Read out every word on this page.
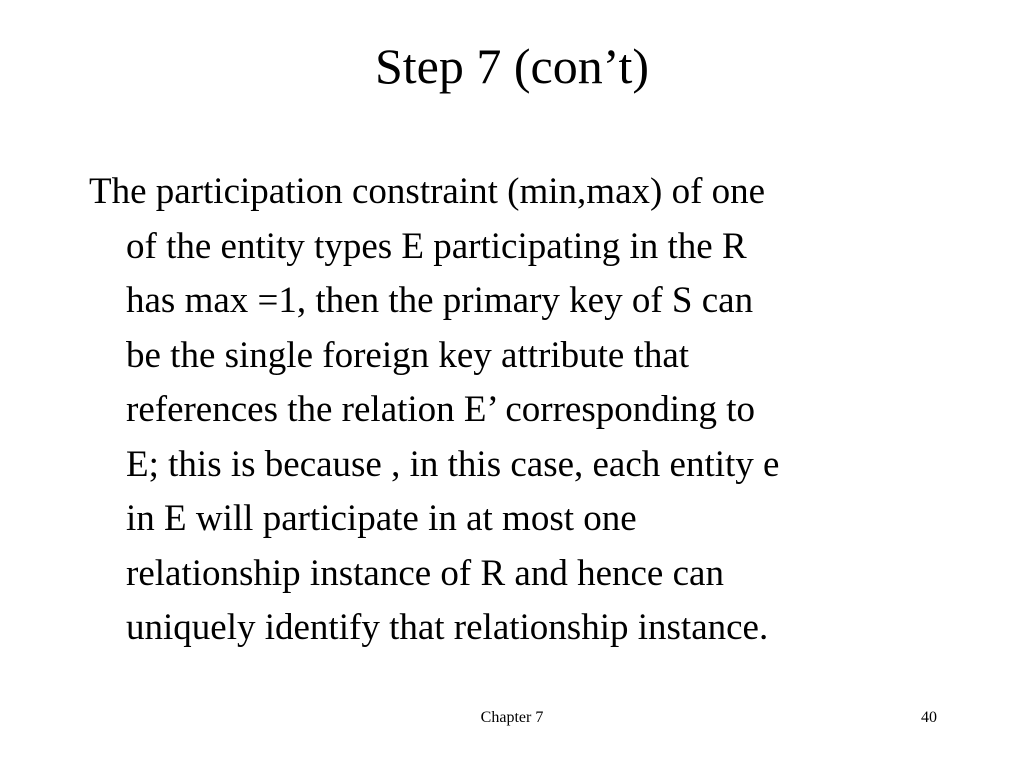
Step 7 (con’t)
The participation constraint (min,max) of one
of the entity types E participating in the R
has max =1, then the primary key of S can
be the single foreign key attribute that
references the relation E’ corresponding to
E; this is because , in this case, each entity e
in E will participate in at most one
relationship instance of R and hence can
uniquely identify that relationship instance.
Chapter 7	40
